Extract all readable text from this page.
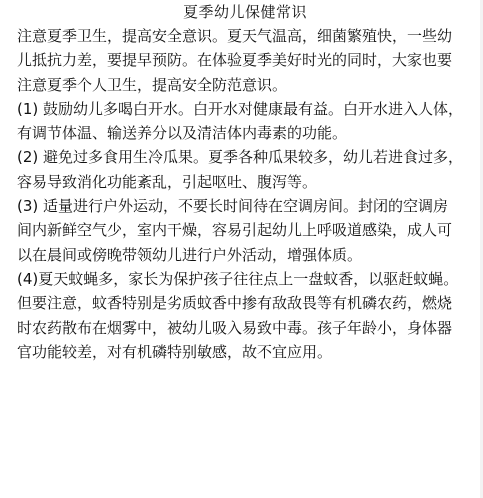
夏季幼儿保健常识

注意夏季卫生，提高安全意识。夏天气温高，细菌繁殖快，一些幼

儿抵抗力差，要提早预防。在体验夏季美好时光的同时，大家也要

注意夏季个人卫生，提高安全防范意识。

(1) 鼓励幼儿多喝白开水。白开水对健康最有益。白开水进入人体，

有调节体温、输送养分以及清洁体内毒素的功能。

(2) 避免过多食用生冷瓜果。夏季各种瓜果较多，幼儿若进食过多，

容易导致消化功能紊乱，引起呕吐、腹泻等。

(3) 适量进行户外运动，不要长时间待在空调房间。封闭的空调房

间内新鲜空气少，室内干燥，容易引起幼儿上呼吸道感染，成人可

以在晨间或傍晚带领幼儿进行户外活动，增强体质。

(4)夏天蚊蝇多，家长为保护孩子往往点上一盘蚊香，以驱赶蚊蝇。

但要注意，蚊香特别是劣质蚊香中掺有敌敌畏等有机磷农药，燃烧

时农药散布在烟雾中，被幼儿吸入易致中毒。孩子年龄小，身体器

官功能较差，对有机磷特别敏感，故不宜应用。
